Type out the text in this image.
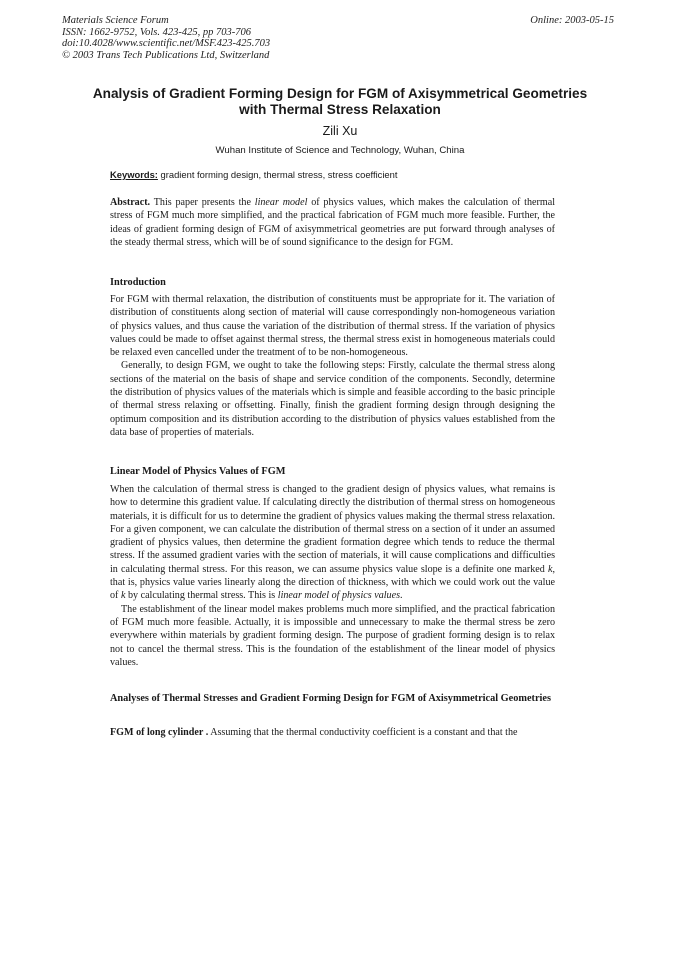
Materials Science Forum
ISSN: 1662-9752, Vols. 423-425, pp 703-706
doi:10.4028/www.scientific.net/MSF.423-425.703
© 2003 Trans Tech Publications Ltd, Switzerland
Online: 2003-05-15
Analysis of Gradient Forming Design for FGM of Axisymmetrical Geometries with Thermal Stress Relaxation
Zili Xu
Wuhan Institute of Science and Technology, Wuhan, China
Keywords: gradient forming design, thermal stress, stress coefficient

Abstract. This paper presents the linear model of physics values, which makes the calculation of thermal stress of FGM much more simplified, and the practical fabrication of FGM much more feasible. Further, the ideas of gradient forming design of FGM of axisymmetrical geometries are put forward through analyses of the steady thermal stress, which will be of sound significance to the design for FGM.

Introduction

For FGM with thermal relaxation, the distribution of constituents must be appropriate for it. The variation of distribution of constituents along section of material will cause correspondingly non-homogeneous variation of physics values, and thus cause the variation of the distribution of thermal stress. If the variation of physics values could be made to offset against thermal stress, the thermal stress exist in homogeneous materials could be relaxed even cancelled under the treatment of to be non-homogeneous.

Generally, to design FGM, we ought to take the following steps: Firstly, calculate the thermal stress along sections of the material on the basis of shape and service condition of the components. Secondly, determine the distribution of physics values of the materials which is simple and feasible according to the basic principle of thermal stress relaxing or offsetting. Finally, finish the gradient forming design through designing the optimum composition and its distribution according to the distribution of physics values established from the data base of properties of materials.

Linear Model of Physics Values of FGM

When the calculation of thermal stress is changed to the gradient design of physics values, what remains is how to determine this gradient value. If calculating directly the distribution of thermal stress on homogeneous materials, it is difficult for us to determine the gradient of physics values making the thermal stress relaxation. For a given component, we can calculate the distribution of thermal stress on a section of it under an assumed gradient of physics values, then determine the gradient formation degree which tends to reduce the thermal stress. If the assumed gradient varies with the section of materials, it will cause complications and difficulties in calculating thermal stress. For this reason, we can assume physics value slope is a definite one marked k, that is, physics value varies linearly along the direction of thickness, with which we could work out the value of k by calculating thermal stress. This is linear model of physics values.

The establishment of the linear model makes problems much more simplified, and the practical fabrication of FGM much more feasible. Actually, it is impossible and unnecessary to make the thermal stress be zero everywhere within materials by gradient forming design. The purpose of gradient forming design is to relax not to cancel the thermal stress. This is the foundation of the establishment of the linear model of physics values.

Analyses of Thermal Stresses and Gradient Forming Design for FGM of Axisymmetrical Geometries

FGM of long cylinder . Assuming that the thermal conductivity coefficient is a constant and that the
